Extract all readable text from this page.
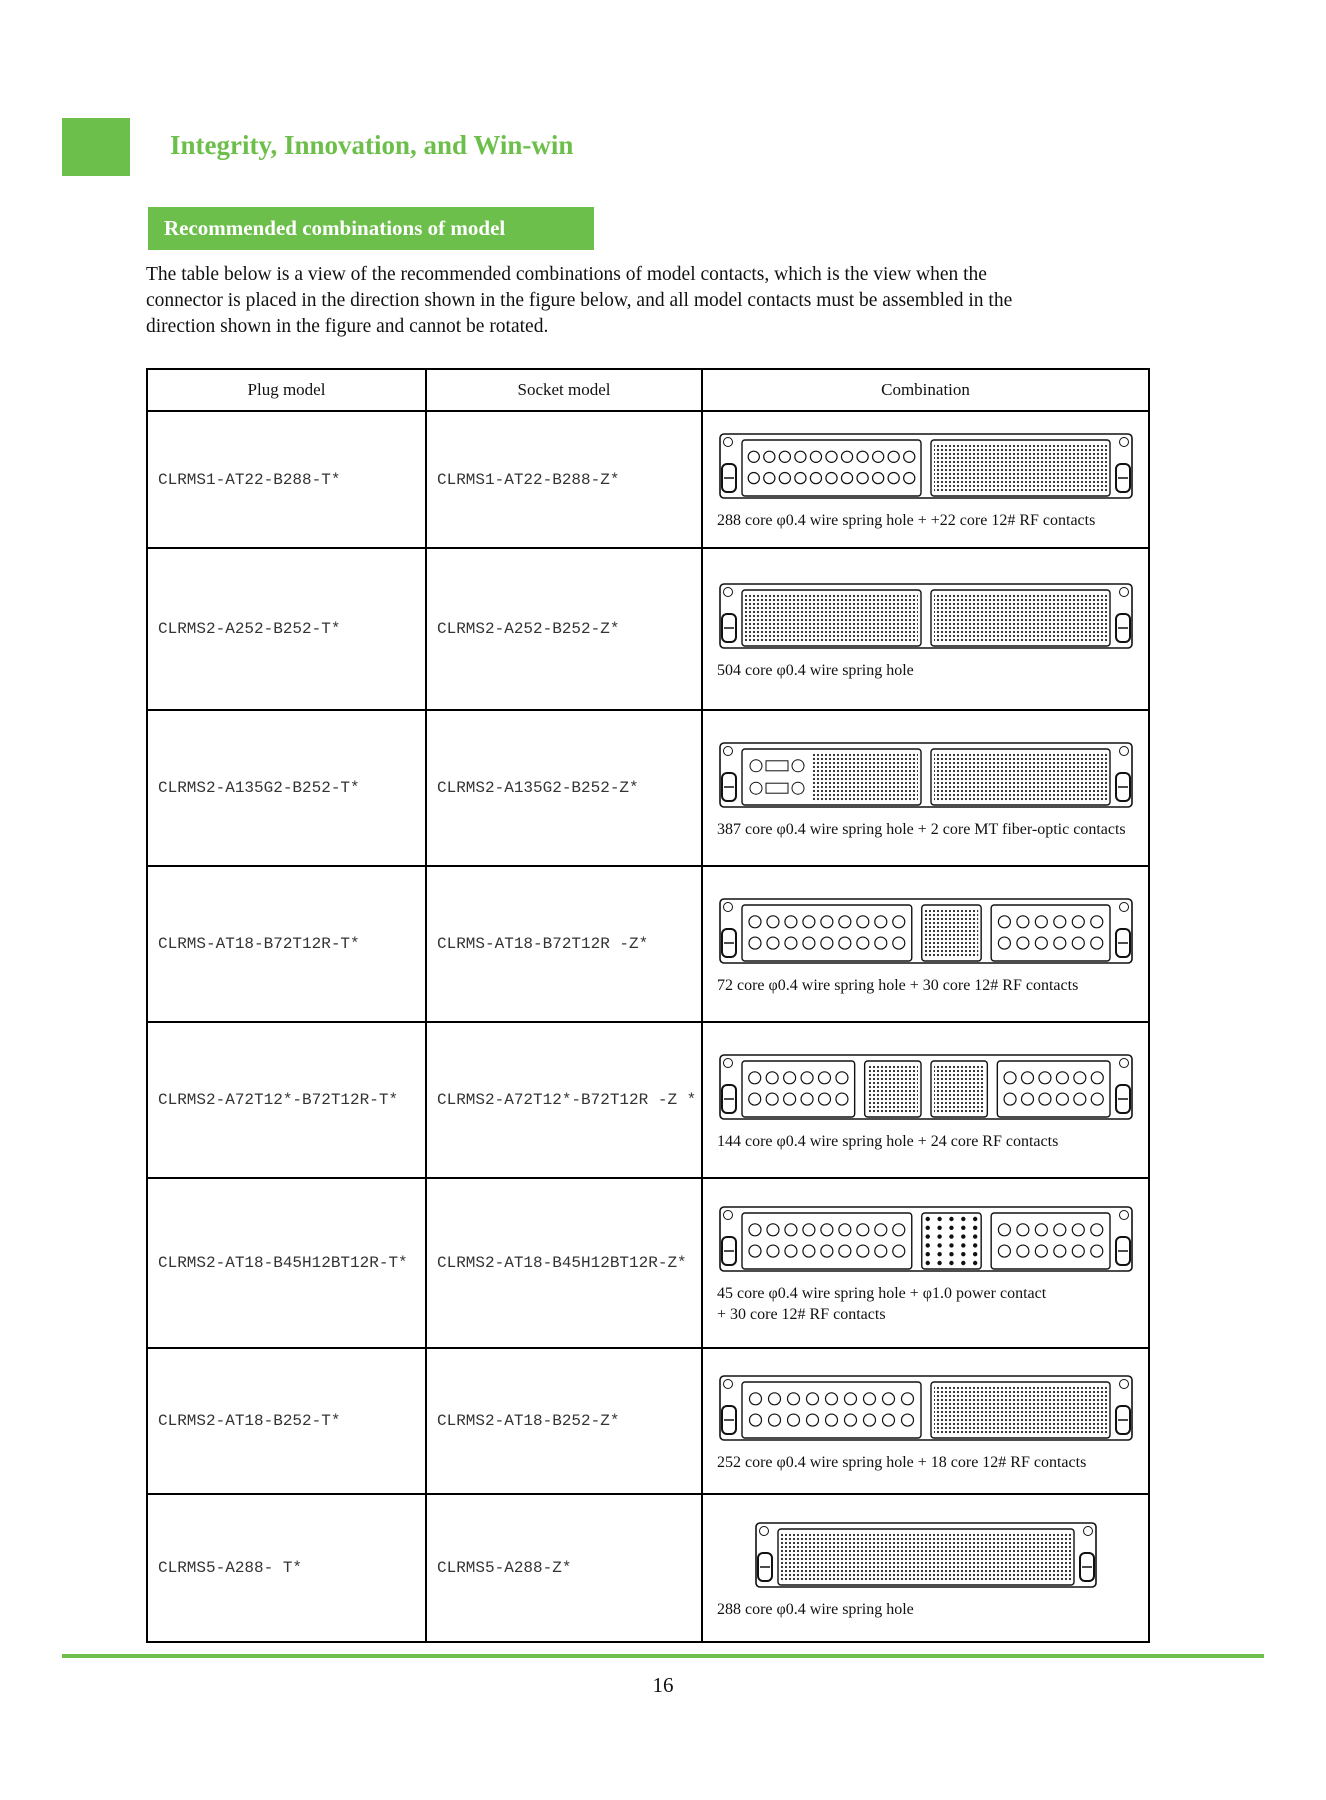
Integrity, Innovation, and Win-win
Recommended combinations of model

The table below is a view of the recommended combinations of model contacts, which is the view when the

connector is placed in the direction shown in the figure below, and all model contacts must be assembled in the

direction shown in the figure and cannot be rotated.

Plug model	Socket model	Combination
CLRMS1-AT22-B288-T*	CLRMS1-AT22-B288-Z*	288 core φ0.4 wire spring hole + +22 core 12# RF contacts

CLRMS2-A252-B252-T*	CLRMS2-A252-B252-Z*	504 core φ0.4 wire spring hole

CLRMS2-A135G2-B252-T*	CLRMS2-A135G2-B252-Z*	387 core φ0.4 wire spring hole + 2 core MT fiber-optic contacts

CLRMS-AT18-B72T12R-T*	CLRMS-AT18-B72T12R -Z*	72 core φ0.4 wire spring hole + 30 core 12# RF contacts

CLRMS2-A72T12*-B72T12R-T*	CLRMS2-A72T12*-B72T12R -Z *	144 core φ0.4 wire spring hole + 24 core RF contacts

CLRMS2-AT18-B45H12BT12R-T*	CLRMS2-AT18-B45H12BT12R-Z*	45 core φ0.4 wire spring hole + φ1.0 power contact
+ 30 core 12# RF contacts

CLRMS2-AT18-B252-T*	CLRMS2-AT18-B252-Z*	252 core φ0.4 wire spring hole + 18 core 12# RF contacts

CLRMS5-A288- T*	CLRMS5-A288-Z*	288 core φ0.4 wire spring hole
16
